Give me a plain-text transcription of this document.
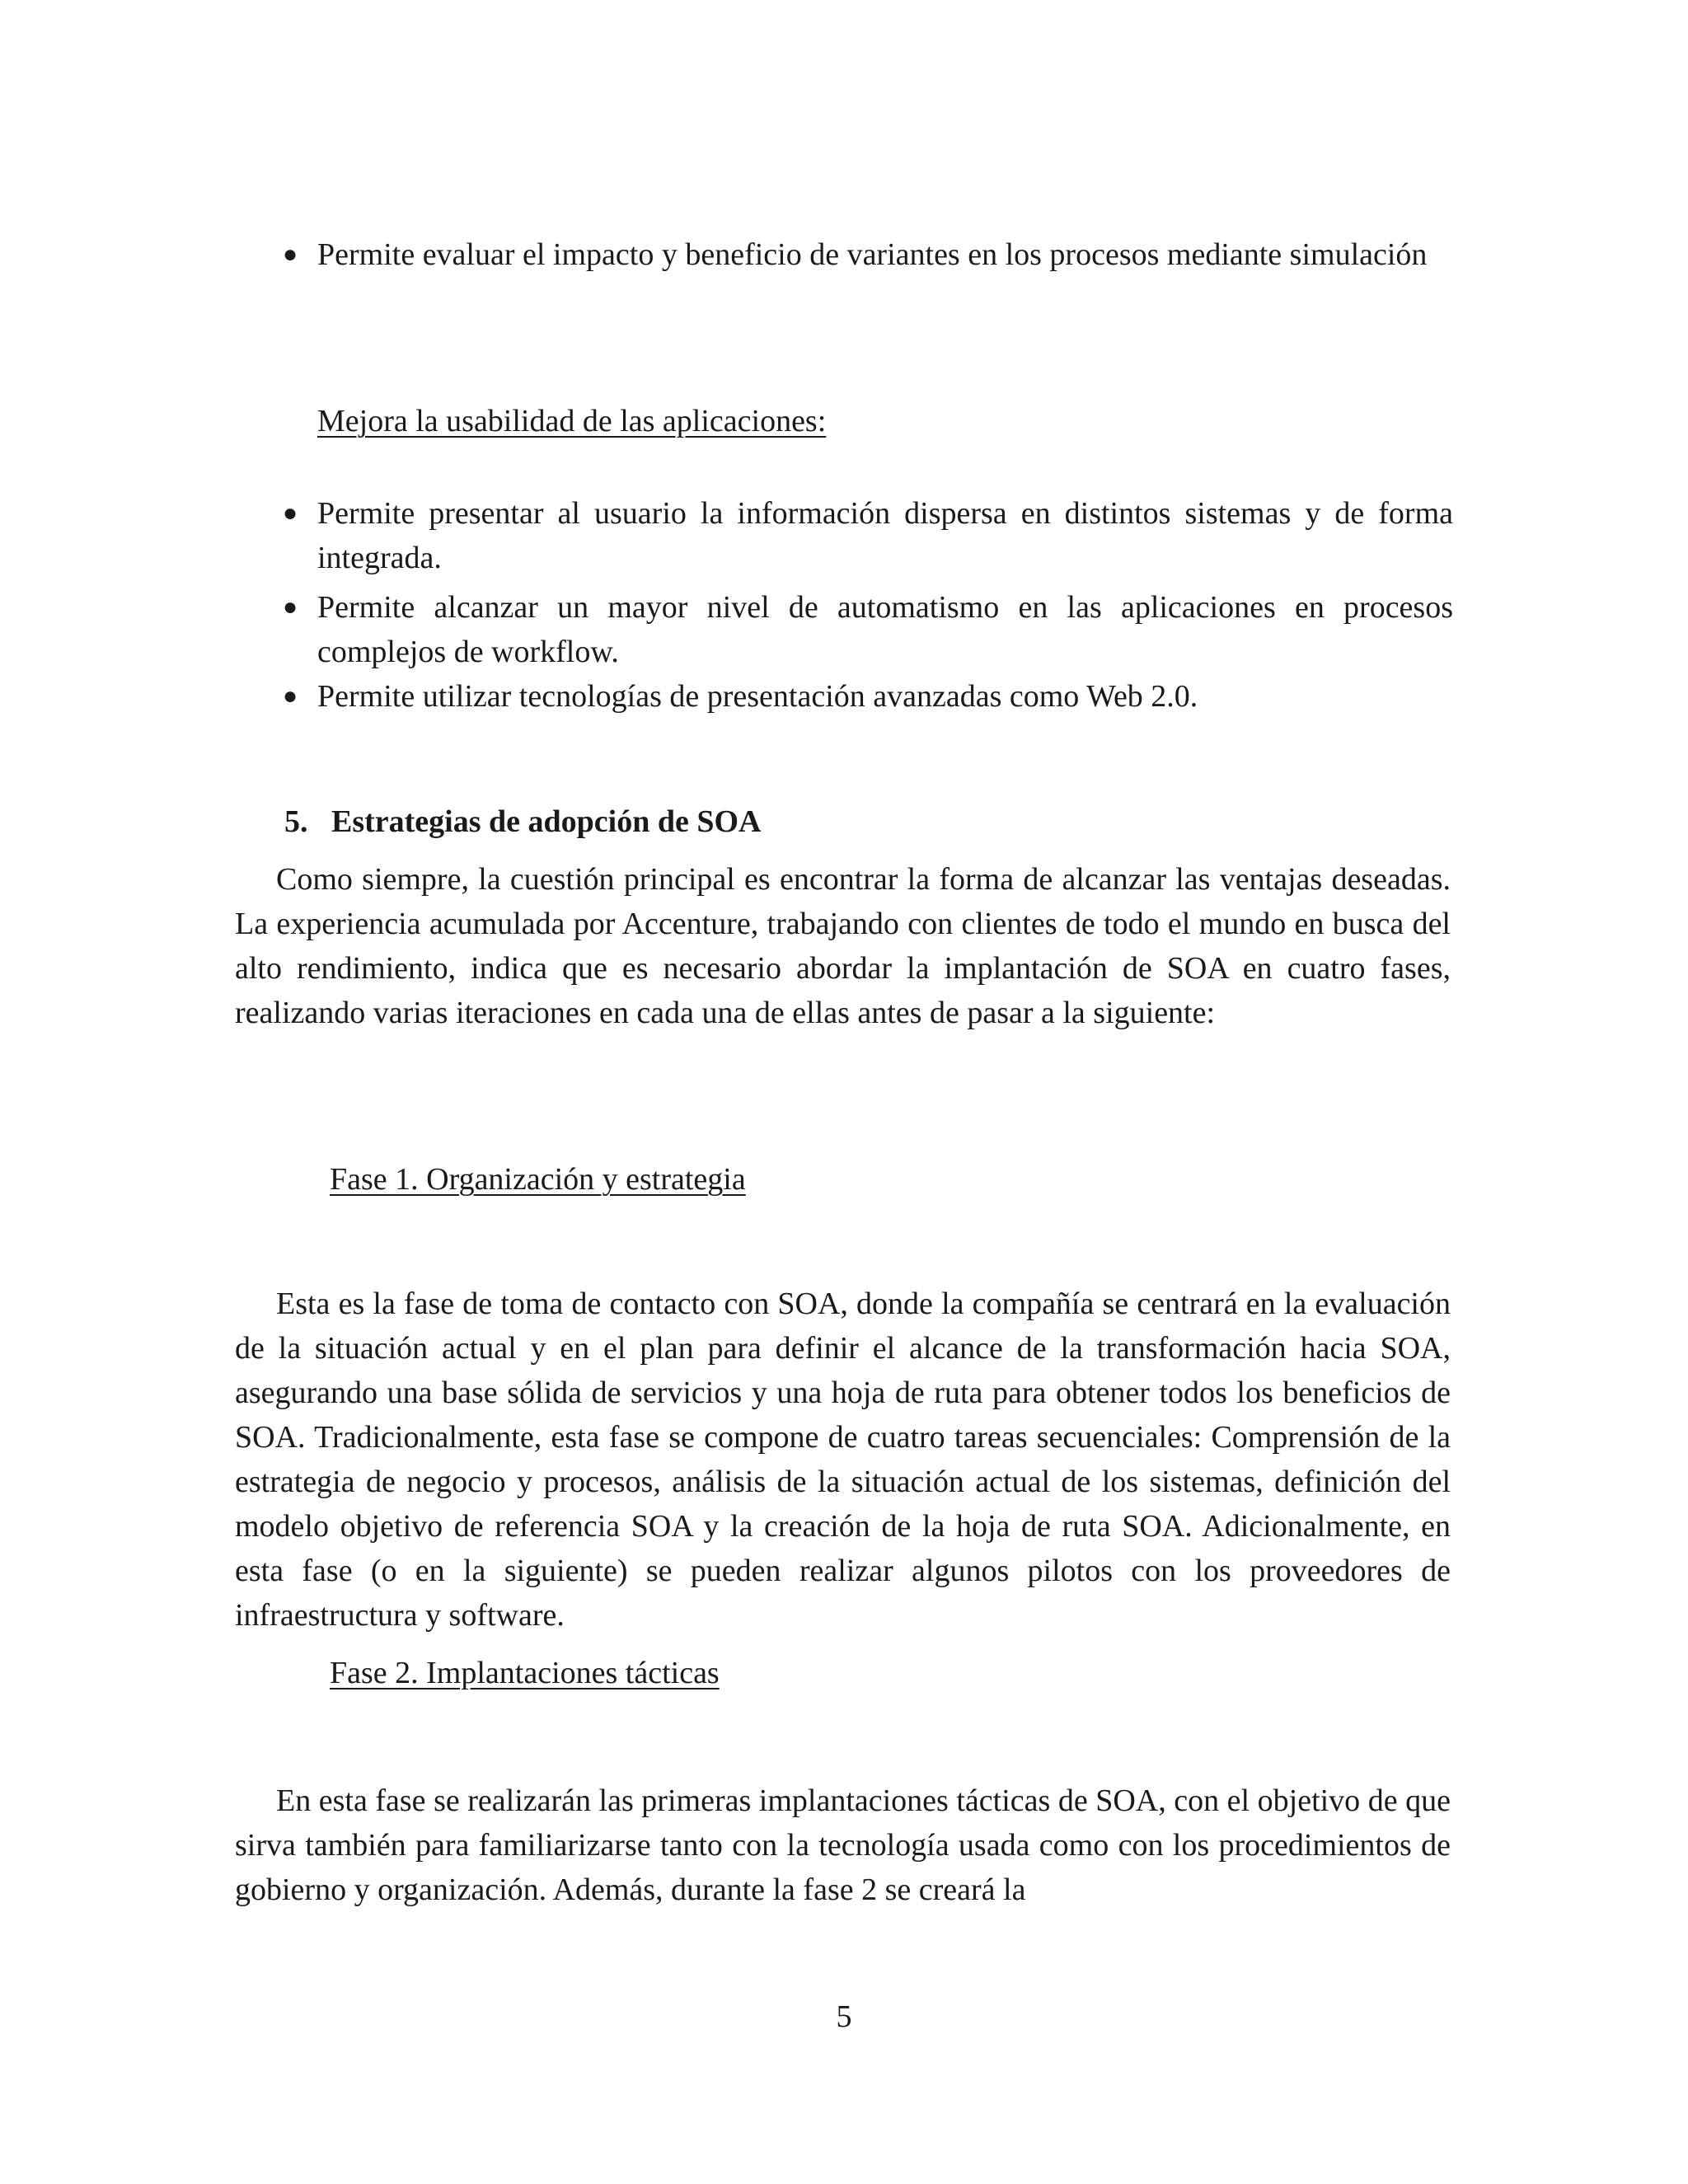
● Permite evaluar el impacto y beneficio de variantes en los procesos mediante simulación

Mejora la usabilidad de las aplicaciones:

● Permite presentar al usuario la información dispersa en distintos sistemas y de forma integrada.

● Permite alcanzar un mayor nivel de automatismo en las aplicaciones en procesos complejos de workflow.

● Permite utilizar tecnologías de presentación avanzadas como Web 2.0.

5. Estrategias de adopción de SOA

Como siempre, la cuestión principal es encontrar la forma de alcanzar las ventajas deseadas. La experiencia acumulada por Accenture, trabajando con clientes de todo el mundo en busca del alto rendimiento, indica que es necesario abordar la implantación de SOA en cuatro fases, realizando varias iteraciones en cada una de ellas antes de pasar a la siguiente:

Fase 1. Organización y estrategia

Esta es la fase de toma de contacto con SOA, donde la compañía se centrará en la evaluación de la situación actual y en el plan para definir el alcance de la transformación hacia SOA, asegurando una base sólida de servicios y una hoja de ruta para obtener todos los beneficios de SOA. Tradicionalmente, esta fase se compone de cuatro tareas secuenciales: Comprensión de la estrategia de negocio y procesos, análisis de la situación actual de los sistemas, definición del modelo objetivo de referencia SOA y la creación de la hoja de ruta SOA. Adicionalmente, en esta fase (o en la siguiente) se pueden realizar algunos pilotos con los proveedores de infraestructura y software.

Fase 2. Implantaciones tácticas

En esta fase se realizarán las primeras implantaciones tácticas de SOA, con el objetivo de que sirva también para familiarizarse tanto con la tecnología usada como con los procedimientos de gobierno y organización. Además, durante la fase 2 se creará la

5
